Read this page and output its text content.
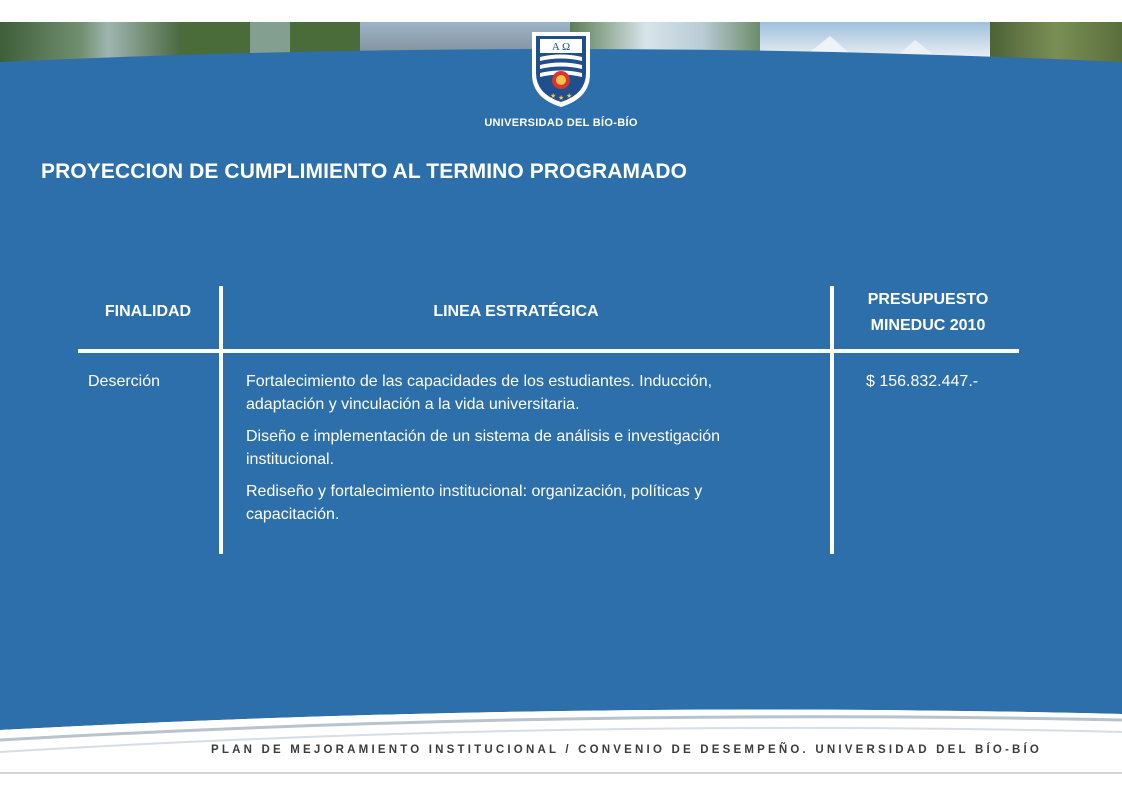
A Ω
★ ★ ★
UNIVERSIDAD DEL BÍO-BÍO
PROYECCION DE CUMPLIMIENTO AL TERMINO PROGRAMADO
FINALIDAD	LINEA ESTRATÉGICA
PRESUPUESTO
MINEDUC 2010
Deserción	Fortalecimiento de las capacidades de los estudiantes. Inducción, adaptación y vinculación a la vida universitaria.

Diseño e implementación de un sistema de análisis e investigación institucional.

Rediseño y fortalecimiento institucional: organización, políticas y capacitación.

$ 156.832.447.-
PLAN DE MEJORAMIENTO INSTITUCIONAL / CONVENIO DE DESEMPEÑO. UNIVERSIDAD DEL BÍO-BÍO
